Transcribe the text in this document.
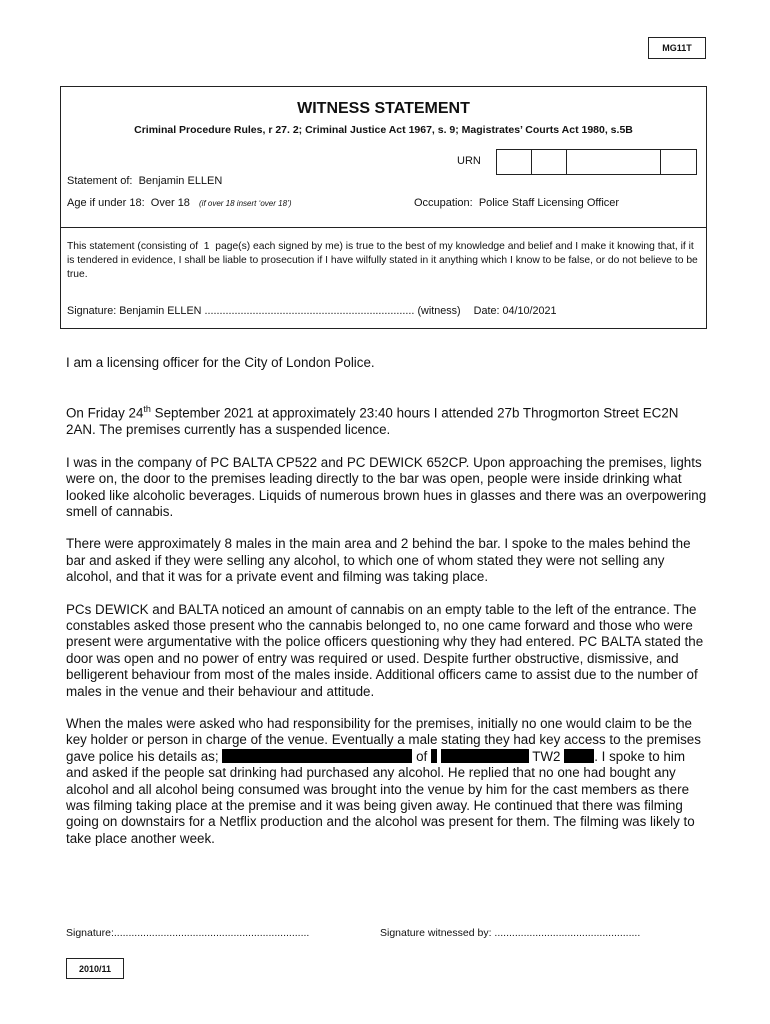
MG11T
WITNESS STATEMENT
Criminal Procedure Rules, r 27. 2; Criminal Justice Act 1967, s. 9; Magistrates’ Courts Act 1980, s.5B
URN
Statement of: Benjamin ELLEN
Age if under 18: Over 18 (if over 18 insert ‘over 18’)	Occupation: Police Staff Licensing Officer
This statement (consisting of 1 page(s) each signed by me) is true to the best of my knowledge and belief and I make it knowing that, if it is tendered in evidence, I shall be liable to prosecution if I have wilfully stated in it anything which I know to be false, or do not believe to be true.
Signature: Benjamin ELLEN ...................................................................... (witness) Date: 04/10/2021

I am a licensing officer for the City of London Police.

On Friday 24th September 2021 at approximately 23:40 hours I attended 27b Throgmorton Street EC2N 2AN. The premises currently has a suspended licence.

I was in the company of PC BALTA CP522 and PC DEWICK 652CP. Upon approaching the premises, lights were on, the door to the premises leading directly to the bar was open, people were inside drinking what looked like alcoholic beverages. Liquids of numerous brown hues in glasses and there was an overpowering smell of cannabis.

There were approximately 8 males in the main area and 2 behind the bar. I spoke to the males behind the bar and asked if they were selling any alcohol, to which one of whom stated they were not selling any alcohol, and that it was for a private event and filming was taking place.

PCs DEWICK and BALTA noticed an amount of cannabis on an empty table to the left of the entrance. The constables asked those present who the cannabis belonged to, no one came forward and those who were present were argumentative with the police officers questioning why they had entered. PC BALTA stated the door was open and no power of entry was required or used. Despite further obstructive, dismissive, and belligerent behaviour from most of the males inside. Additional officers came to assist due to the number of males in the venue and their behaviour and attitude.

When the males were asked who had responsibility for the premises, initially no one would claim to be the key holder or person in charge of the venue. Eventually a male stating they had key access to the premises gave police his details as;	of	TW2	. I spoke to him and asked if the people sat drinking had purchased any alcohol. He replied that no one had bought any alcohol and all alcohol being consumed was brought into the venue by him for the cast members as there was filming taking place at the premise and it was being given away. He continued that there was filming going on downstairs for a Netflix production and the alcohol was present for them. The filming was likely to take place another week.

Signature:...................................................................	Signature witnessed by: ..................................................
2010/11
